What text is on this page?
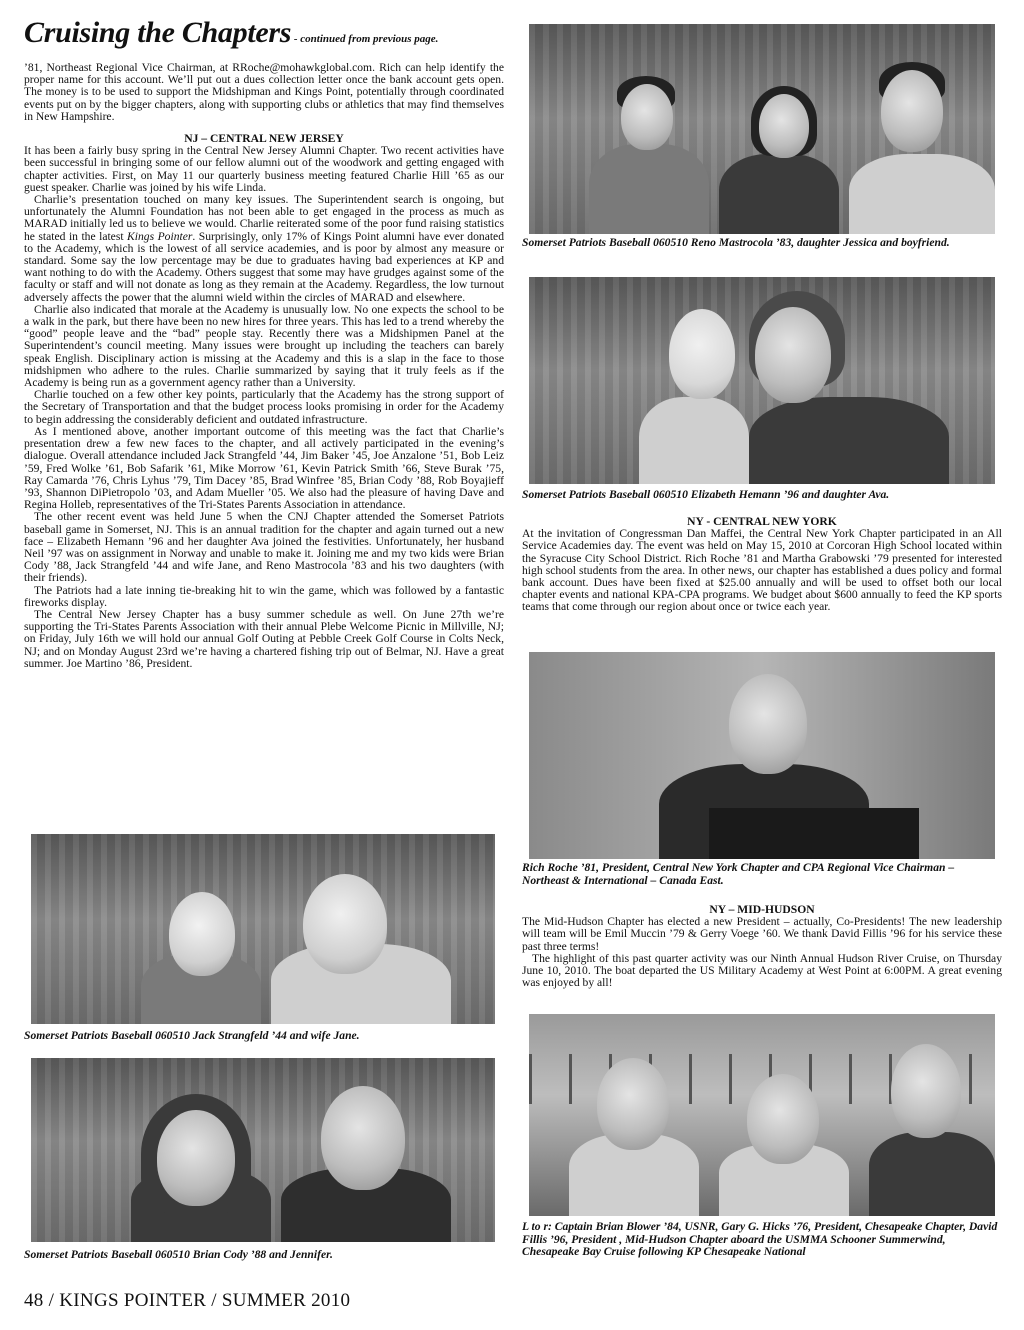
Cruising the Chapters - continued from previous page.

’81, Northeast Regional Vice Chairman, at RRoche@mohawkglobal.com. Rich can help identify the proper name for this account. We’ll put out a dues collection letter once the bank account gets open. The money is to be used to support the Midshipman and Kings Point, potentially through coordinated events put on by the bigger chapters, along with supporting clubs or athletics that may find themselves in New Hampshire.

NJ – CENTRAL NEW JERSEY

It has been a fairly busy spring in the Central New Jersey Alumni Chapter. Two recent activities have been successful in bringing some of our fellow alumni out of the woodwork and getting engaged with chapter activities. First, on May 11 our quarterly business meeting featured Charlie Hill ’65 as our guest speaker. Charlie was joined by his wife Linda.

Charlie’s presentation touched on many key issues. The Superintendent search is ongoing, but unfortunately the Alumni Foundation has not been able to get engaged in the process as much as MARAD initially led us to believe we would. Charlie reiterated some of the poor fund raising statistics he stated in the latest Kings Pointer. Surprisingly, only 17% of Kings Point alumni have ever donated to the Academy, which is the lowest of all service academies, and is poor by almost any measure or standard. Some say the low percentage may be due to graduates having bad experiences at KP and want nothing to do with the Academy. Others suggest that some may have grudges against some of the faculty or staff and will not donate as long as they remain at the Academy. Regardless, the low turnout adversely affects the power that the alumni wield within the circles of MARAD and elsewhere.

Charlie also indicated that morale at the Academy is unusually low. No one expects the school to be a walk in the park, but there have been no new hires for three years. This has led to a trend whereby the “good” people leave and the “bad” people stay. Recently there was a Midshipmen Panel at the Superintendent’s council meeting. Many issues were brought up including the teachers can barely speak English. Disciplinary action is missing at the Academy and this is a slap in the face to those midshipmen who adhere to the rules. Charlie summarized by saying that it truly feels as if the Academy is being run as a government agency rather than a University.

Charlie touched on a few other key points, particularly that the Academy has the strong support of the Secretary of Transportation and that the budget process looks promising in order for the Academy to begin addressing the considerably deficient and outdated infrastructure.

As I mentioned above, another important outcome of this meeting was the fact that Charlie’s presentation drew a few new faces to the chapter, and all actively participated in the evening’s dialogue. Overall attendance included Jack Strangfeld ’44, Jim Baker ’45, Joe Anzalone ’51, Bob Leiz ’59, Fred Wolke ’61, Bob Safarik ’61, Mike Morrow ’61, Kevin Patrick Smith ’66, Steve Burak ’75, Ray Camarda ’76, Chris Lyhus ’79, Tim Dacey ’85, Brad Winfree ’85, Brian Cody ’88, Rob Boyajieff ’93, Shannon DiPietropolo ’03, and Adam Mueller ’05. We also had the pleasure of having Dave and Regina Holleb, representatives of the Tri-States Parents Association in attendance.

The other recent event was held June 5 when the CNJ Chapter attended the Somerset Patriots baseball game in Somerset, NJ. This is an annual tradition for the chapter and again turned out a new face – Elizabeth Hemann ’96 and her daughter Ava joined the festivities. Unfortunately, her husband Neil ’97 was on assignment in Norway and unable to make it. Joining me and my two kids were Brian Cody ’88, Jack Strangfeld ’44 and wife Jane, and Reno Mastrocola ’83 and his two daughters (with their friends).

The Patriots had a late inning tie-breaking hit to win the game, which was followed by a fantastic fireworks display.

The Central New Jersey Chapter has a busy summer schedule as well. On June 27th we’re supporting the Tri-States Parents Association with their annual Plebe Welcome Picnic in Millville, NJ; on Friday, July 16th we will hold our annual Golf Outing at Pebble Creek Golf Course in Colts Neck, NJ; and on Monday August 23rd we’re having a chartered fishing trip out of Belmar, NJ. Have a great summer. Joe Martino ’86, President.

Somerset Patriots Baseball 060510 Reno Mastrocola ’83, daughter Jessica and boyfriend.
Somerset Patriots Baseball 060510 Elizabeth Hemann ’96 and daughter Ava.
NY - CENTRAL NEW YORK

At the invitation of Congressman Dan Maffei, the Central New York Chapter participated in an All Service Academies day. The event was held on May 15, 2010 at Corcoran High School located within the Syracuse City School District. Rich Roche ’81 and Martha Grabowski ’79 presented for interested high school students from the area. In other news, our chapter has established a dues policy and formal bank account. Dues have been fixed at $25.00 annually and will be used to offset both our local chapter events and national KPA-CPA programs. We budget about $600 annually to feed the KP sports teams that come through our region about once or twice each year.

Rich Roche ’81, President, Central New York Chapter and CPA Regional Vice Chairman – Northeast & International – Canada East.
NY – MID-HUDSON

The Mid-Hudson Chapter has elected a new President – actually, Co-Presidents! The new leadership will team will be Emil Muccin ’79 & Gerry Voege ’60. We thank David Fillis ’96 for his service these past three terms!

The highlight of this past quarter activity was our Ninth Annual Hudson River Cruise, on Thursday June 10, 2010. The boat departed the US Military Academy at West Point at 6:00PM. A great evening was enjoyed by all!

Somerset Patriots Baseball 060510 Jack Strangfeld ’44 and wife Jane.
Somerset Patriots Baseball 060510 Brian Cody ’88 and Jennifer.
L to r: Captain Brian Blower ’84, USNR, Gary G. Hicks ’76, President, Chesapeake Chapter, David Fillis ’96, President , Mid-Hudson Chapter aboard the USMMA Schooner Summerwind, Chesapeake Bay Cruise following KP Chesapeake National
48 / KINGS POINTER / SUMMER 2010
